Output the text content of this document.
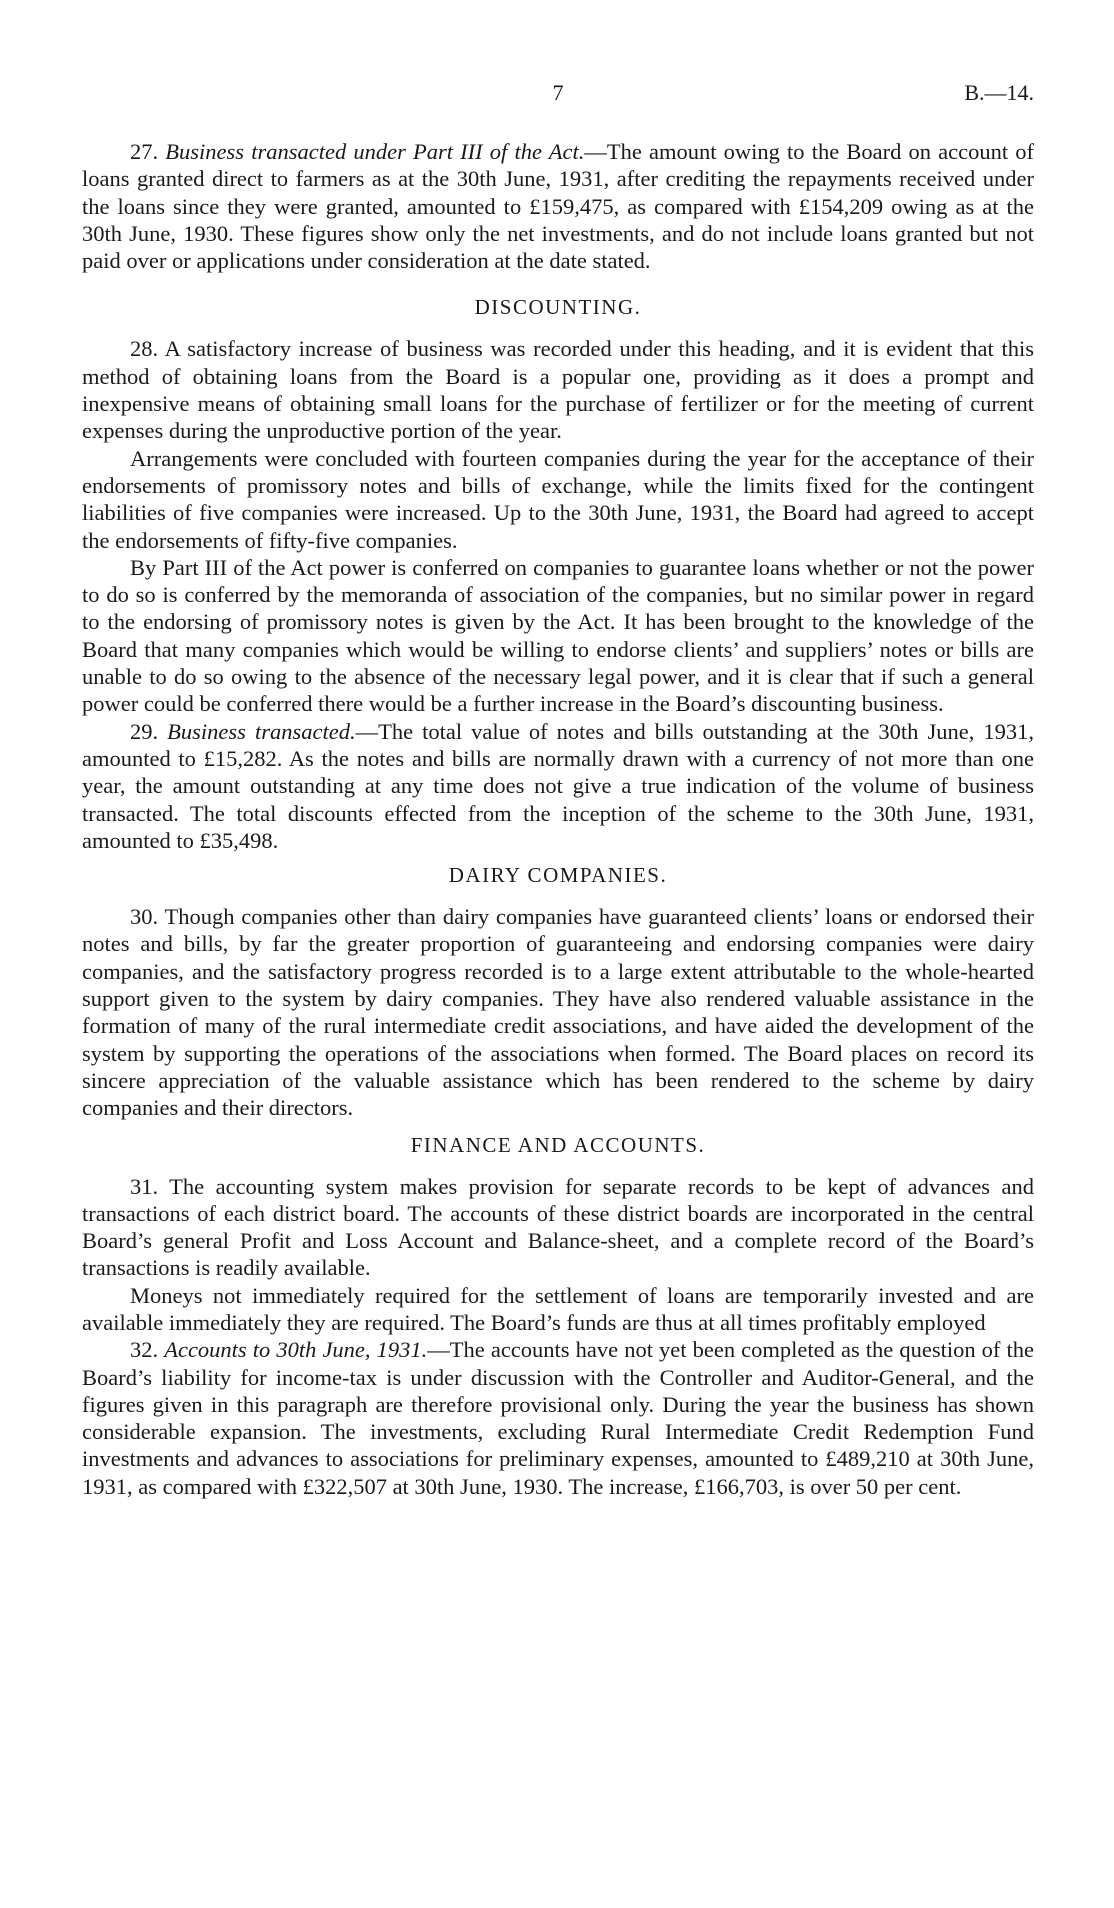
7	B.—14.

27. Business transacted under Part III of the Act.—The amount owing to the Board on account of loans granted direct to farmers as at the 30th June, 1931, after crediting the repayments received under the loans since they were granted, amounted to £159,475, as compared with £154,209 owing as at the 30th June, 1930. These figures show only the net investments, and do not include loans granted but not paid over or applications under consideration at the date stated.

DISCOUNTING.

28. A satisfactory increase of business was recorded under this heading, and it is evident that this method of obtaining loans from the Board is a popular one, providing as it does a prompt and inexpensive means of obtaining small loans for the purchase of fertilizer or for the meeting of current expenses during the unproductive portion of the year.

Arrangements were concluded with fourteen companies during the year for the acceptance of their endorsements of promissory notes and bills of exchange, while the limits fixed for the contingent liabilities of five companies were increased. Up to the 30th June, 1931, the Board had agreed to accept the endorsements of fifty-five companies.

By Part III of the Act power is conferred on companies to guarantee loans whether or not the power to do so is conferred by the memoranda of association of the companies, but no similar power in regard to the endorsing of promissory notes is given by the Act. It has been brought to the knowledge of the Board that many companies which would be willing to endorse clients’ and suppliers’ notes or bills are unable to do so owing to the absence of the necessary legal power, and it is clear that if such a general power could be conferred there would be a further increase in the Board’s discounting business.

29. Business transacted.—The total value of notes and bills outstanding at the 30th June, 1931, amounted to £15,282. As the notes and bills are normally drawn with a currency of not more than one year, the amount outstanding at any time does not give a true indication of the volume of business transacted. The total discounts effected from the inception of the scheme to the 30th June, 1931, amounted to £35,498.

DAIRY COMPANIES.

30. Though companies other than dairy companies have guaranteed clients’ loans or endorsed their notes and bills, by far the greater proportion of guaranteeing and endorsing companies were dairy companies, and the satisfactory progress recorded is to a large extent attributable to the whole-hearted support given to the system by dairy companies. They have also rendered valuable assistance in the formation of many of the rural intermediate credit associations, and have aided the development of the system by supporting the operations of the associations when formed. The Board places on record its sincere appreciation of the valuable assistance which has been rendered to the scheme by dairy companies and their directors.

FINANCE AND ACCOUNTS.

31. The accounting system makes provision for separate records to be kept of advances and transactions of each district board. The accounts of these district boards are incorporated in the central Board’s general Profit and Loss Account and Balance-sheet, and a complete record of the Board’s transactions is readily available.

Moneys not immediately required for the settlement of loans are temporarily invested and are available immediately they are required. The Board’s funds are thus at all times profitably employed

32. Accounts to 30th June, 1931.—The accounts have not yet been completed as the question of the Board’s liability for income-tax is under discussion with the Controller and Auditor-General, and the figures given in this paragraph are therefore provisional only. During the year the business has shown considerable expansion. The investments, excluding Rural Intermediate Credit Redemption Fund investments and advances to associations for preliminary expenses, amounted to £489,210 at 30th June, 1931, as compared with £322,507 at 30th June, 1930. The increase, £166,703, is over 50 per cent.
